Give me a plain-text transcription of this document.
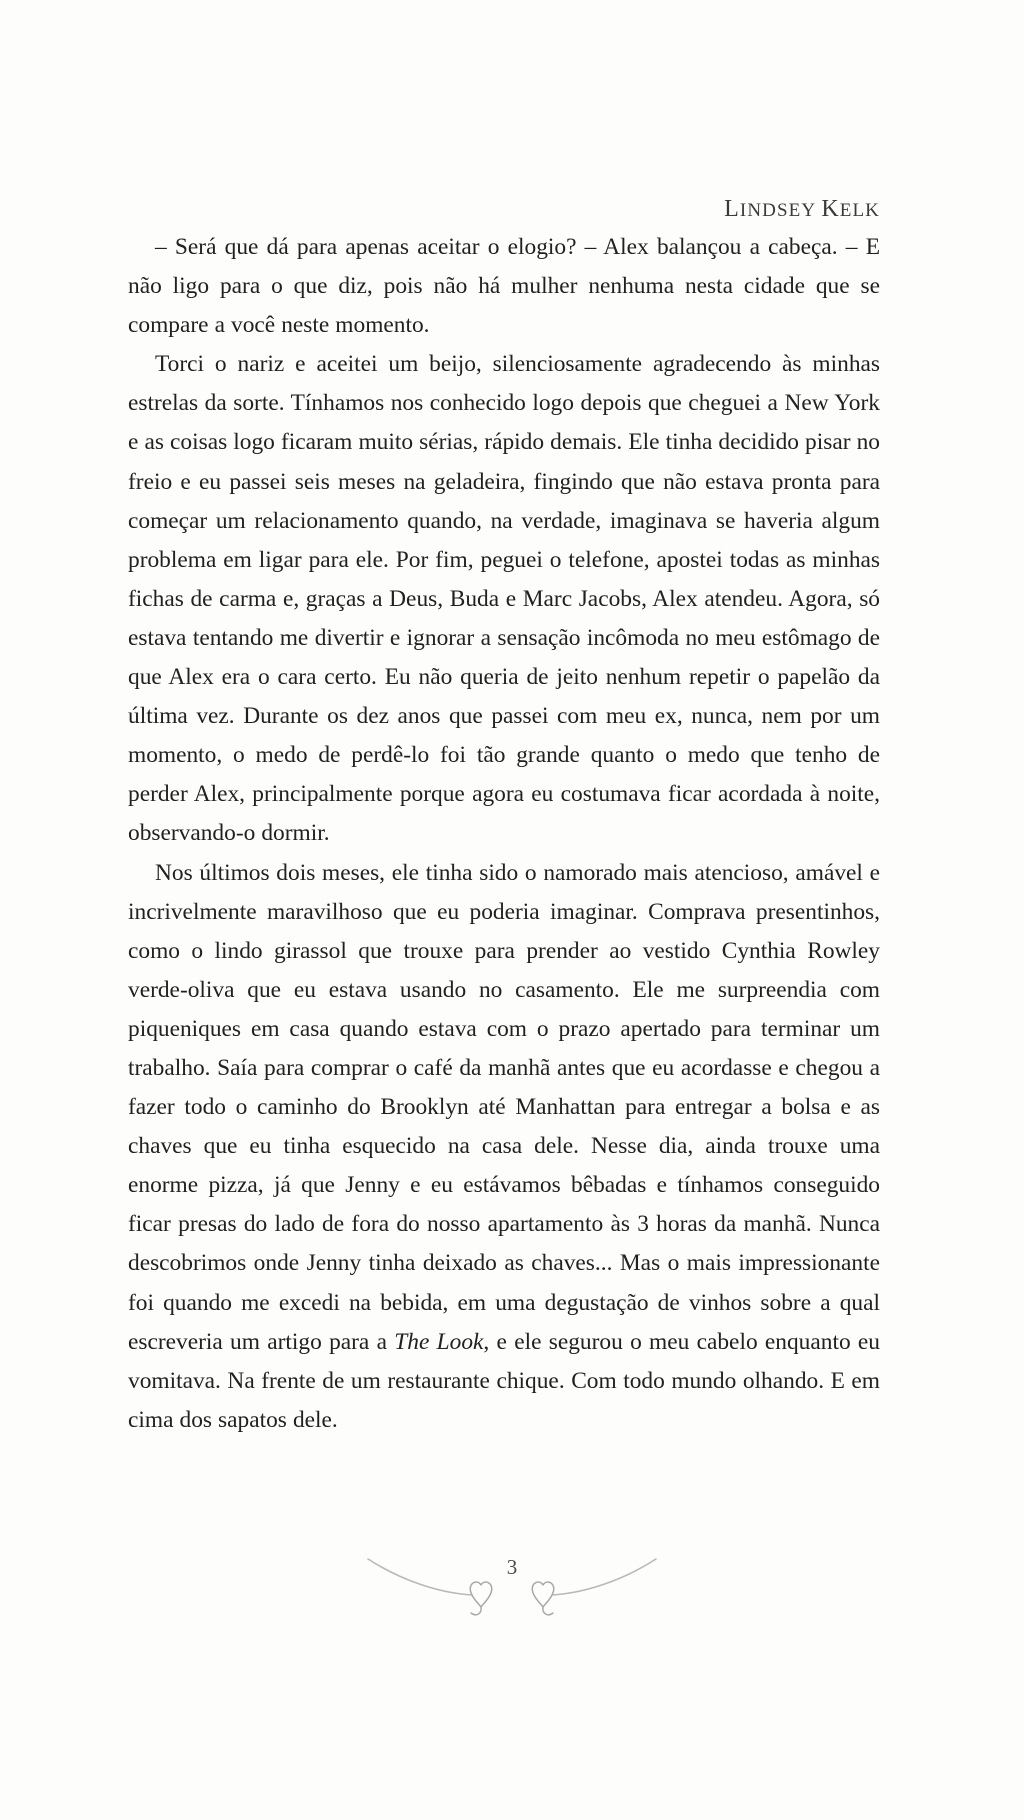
LINDSEY KELK

– Será que dá para apenas aceitar o elogio? – Alex balançou a cabeça. – E não ligo para o que diz, pois não há mulher nenhuma nesta cidade que se compare a você neste momento.

Torci o nariz e aceitei um beijo, silenciosamente agradecendo às minhas estrelas da sorte. Tínhamos nos conhecido logo depois que cheguei a New York e as coisas logo ficaram muito sérias, rápido demais. Ele tinha decidido pisar no freio e eu passei seis meses na geladeira, fingindo que não estava pronta para começar um relacionamento quando, na verdade, imaginava se haveria algum problema em ligar para ele. Por fim, peguei o telefone, apostei todas as minhas fichas de carma e, graças a Deus, Buda e Marc Jacobs, Alex atendeu. Agora, só estava tentando me divertir e ignorar a sensação incômoda no meu estômago de que Alex era o cara certo. Eu não queria de jeito nenhum repetir o papelão da última vez. Durante os dez anos que passei com meu ex, nunca, nem por um momento, o medo de perdê-lo foi tão grande quanto o medo que tenho de perder Alex, principalmente porque agora eu costumava ficar acordada à noite, observando-o dormir.

Nos últimos dois meses, ele tinha sido o namorado mais atencioso, amável e incrivelmente maravilhoso que eu poderia imaginar. Comprava presentinhos, como o lindo girassol que trouxe para prender ao vestido Cynthia Rowley verde-oliva que eu estava usando no casamento. Ele me surpreendia com piqueniques em casa quando estava com o prazo apertado para terminar um trabalho. Saía para comprar o café da manhã antes que eu acordasse e chegou a fazer todo o caminho do Brooklyn até Manhattan para entregar a bolsa e as chaves que eu tinha esquecido na casa dele. Nesse dia, ainda trouxe uma enorme pizza, já que Jenny e eu estávamos bêbadas e tínhamos conseguido ficar presas do lado de fora do nosso apartamento às 3 horas da manhã. Nunca descobrimos onde Jenny tinha deixado as chaves... Mas o mais impressionante foi quando me excedi na bebida, em uma degustação de vinhos sobre a qual escreveria um artigo para a The Look, e ele segurou o meu cabelo enquanto eu vomitava. Na frente de um restaurante chique. Com todo mundo olhando. E em cima dos sapatos dele.

3
